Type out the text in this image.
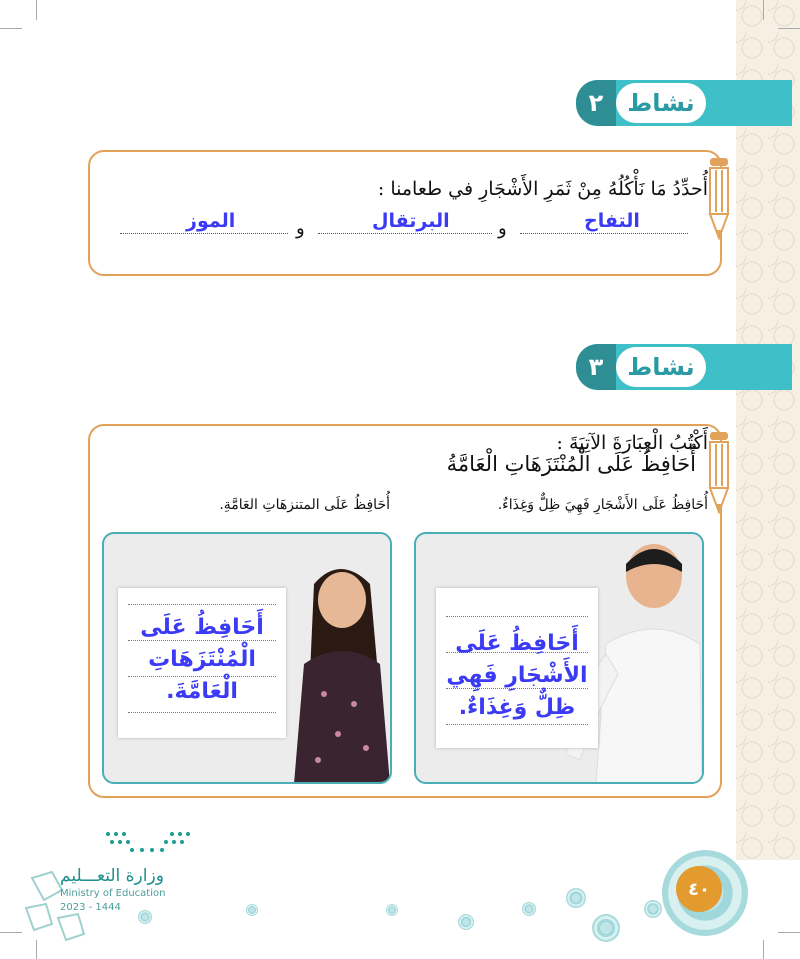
٢ نشاط
أُحدِّدُ مَا نَأْكُلُهُ مِنْ ثَمَرِ الأَشْجَارِ في طعامنا :
التفاح
و
البرتقال
و
الموز
٣ نشاط
أَكْتُبُ الْعِبَارَةَ الآتِيَةَ :
أُحَافِظُ عَلَى الْمُنْتَزَهَاتِ الْعَامَّةُ
أُحَافِظُ عَلَى الأَشْجَارِ فَهِيَ ظِلٌّ وَغِذَاءٌ.
أُحَافِظُ عَلَى المتنزهَاتِ العَامَّةِ.
أَحَافِظُ عَلَى
الأَشْجَارِ فَهِي
ظِلٌّ وَغِذَاءٌ.
أَحَافِظُ عَلَى
الْمُنْتَزَهَاتِ الْعَامَّةَ.
وزارة التعـــليم
Ministry of Education
2023 - 1444
٤٠
